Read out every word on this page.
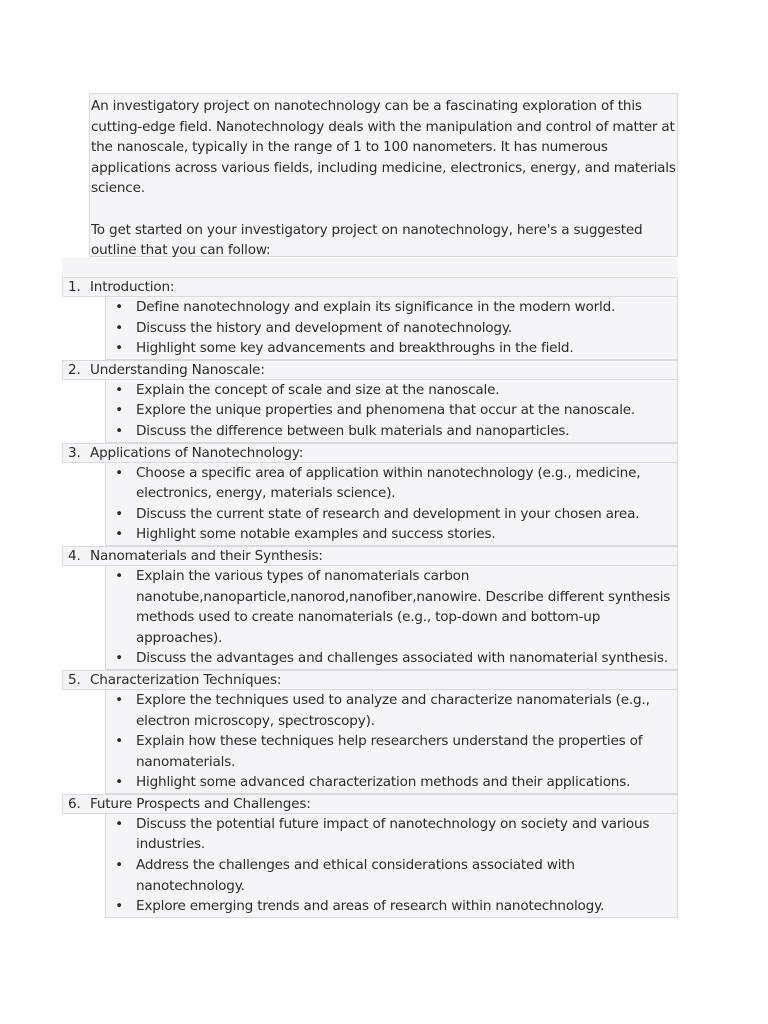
An investigatory project on nanotechnology can be a fascinating exploration of this cutting-edge field. Nanotechnology deals with the manipulation and control of matter at the nanoscale, typically in the range of 1 to 100 nanometers. It has numerous applications across various fields, including medicine, electronics, energy, and materials science.

To get started on your investigatory project on nanotechnology, here's a suggested outline that you can follow:

1. Introduction:
• Define nanotechnology and explain its significance in the modern world.
• Discuss the history and development of nanotechnology.
• Highlight some key advancements and breakthroughs in the field.
2. Understanding Nanoscale:
• Explain the concept of scale and size at the nanoscale.
• Explore the unique properties and phenomena that occur at the nanoscale.
• Discuss the difference between bulk materials and nanoparticles.
3. Applications of Nanotechnology:
• Choose a specific area of application within nanotechnology (e.g., medicine, electronics, energy, materials science).
• Discuss the current state of research and development in your chosen area.
• Highlight some notable examples and success stories.
4. Nanomaterials and their Synthesis:
• Explain the various types of nanomaterials carbon nanotube,nanoparticle,nanorod,nanofiber,nanowire. Describe different synthesis methods used to create nanomaterials (e.g., top-down and bottom-up approaches).
• Discuss the advantages and challenges associated with nanomaterial synthesis.
5. Characterization Techniques:
• Explore the techniques used to analyze and characterize nanomaterials (e.g., electron microscopy, spectroscopy).
• Explain how these techniques help researchers understand the properties of nanomaterials.
• Highlight some advanced characterization methods and their applications.
6. Future Prospects and Challenges:
• Discuss the potential future impact of nanotechnology on society and various industries.
• Address the challenges and ethical considerations associated with nanotechnology.
• Explore emerging trends and areas of research within nanotechnology.
